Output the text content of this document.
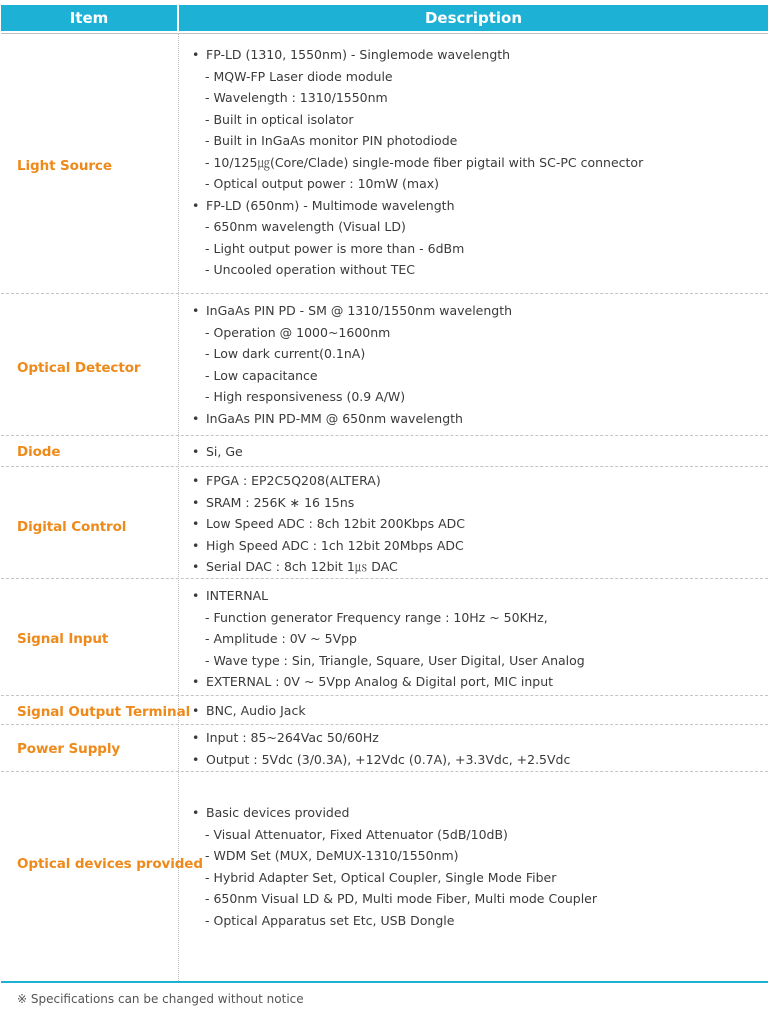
Item	Description
Light Source
• FP-LD (1310, 1550nm) - Singlemode wavelength
- MQW-FP Laser diode module
- Wavelength : 1310/1550nm
- Built in optical isolator
- Built in InGaAs monitor PIN photodiode
- 10/125㎍(Core/Clade) single-mode fiber pigtail with SC-PC connector
- Optical output power : 10mW (max)
• FP-LD (650nm) - Multimode wavelength
- 650nm wavelength (Visual LD)
- Light output power is more than - 6dBm
- Uncooled operation without TEC
Optical Detector
• InGaAs PIN PD - SM @ 1310/1550nm wavelength
- Operation @ 1000~1600nm
- Low dark current(0.1nA)
- Low capacitance
- High responsiveness (0.9 A/W)
• InGaAs PIN PD-MM @ 650nm wavelength
Diode	• Si, Ge
Digital Control
• FPGA : EP2C5Q208(ALTERA)
• SRAM : 256K ∗ 16 15ns
• Low Speed ADC : 8ch 12bit 200Kbps ADC
• High Speed ADC : 1ch 12bit 20Mbps ADC
• Serial DAC : 8ch 12bit 1㎲ DAC
Signal Input
• INTERNAL
- Function generator Frequency range : 10Hz ~ 50KHz,
- Amplitude : 0V ~ 5Vpp
- Wave type : Sin, Triangle, Square, User Digital, User Analog
• EXTERNAL : 0V ~ 5Vpp Analog & Digital port, MIC input
Signal Output Terminal • BNC, Audio Jack
Power Supply
• Input : 85~264Vac 50/60Hz
• Output : 5Vdc (3/0.3A), +12Vdc (0.7A), +3.3Vdc, +2.5Vdc
Optical devices provided
• Basic devices provided
- Visual Attenuator, Fixed Attenuator (5dB/10dB)
- WDM Set (MUX, DeMUX-1310/1550nm)
- Hybrid Adapter Set, Optical Coupler, Single Mode Fiber
- 650nm Visual LD & PD, Multi mode Fiber, Multi mode Coupler
- Optical Apparatus set Etc, USB Dongle
※ Specifications can be changed without notice
